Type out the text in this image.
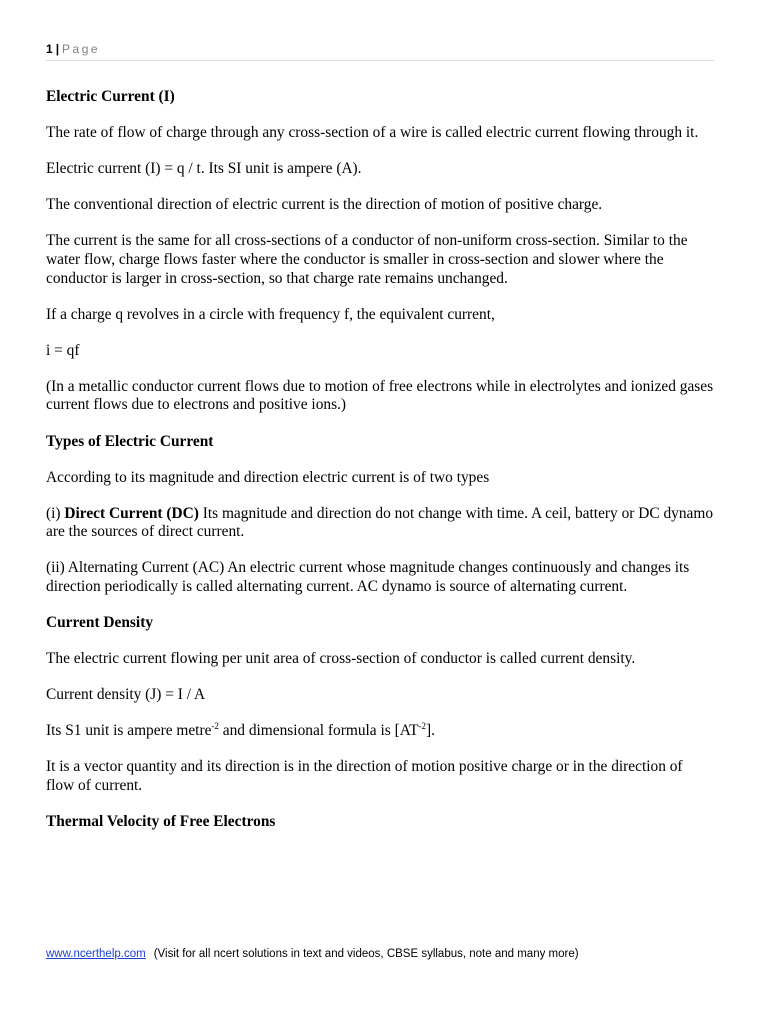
1 | Page
Electric Current (I)

The rate of flow of charge through any cross-section of a wire is called electric current flowing through it.

Electric current (I) = q / t. Its SI unit is ampere (A).

The conventional direction of electric current is the direction of motion of positive charge.

The current is the same for all cross-sections of a conductor of non-uniform cross-section. Similar to the water flow, charge flows faster where the conductor is smaller in cross-section and slower where the conductor is larger in cross-section, so that charge rate remains unchanged.

If a charge q revolves in a circle with frequency f, the equivalent current,

i = qf

(In a metallic conductor current flows due to motion of free electrons while in electrolytes and ionized gases current flows due to electrons and positive ions.)

Types of Electric Current

According to its magnitude and direction electric current is of two types

(i) Direct Current (DC) Its magnitude and direction do not change with time. A ceil, battery or DC dynamo are the sources of direct current.

(ii) Alternating Current (AC) An electric current whose magnitude changes continuously and changes its direction periodically is called alternating current. AC dynamo is source of alternating current.

Current Density

The electric current flowing per unit area of cross-section of conductor is called current density.

Current density (J) = I / A

Its S1 unit is ampere metre$^{-2}$ and dimensional formula is $[AT^{-2}]$.

It is a vector quantity and its direction is in the direction of motion positive charge or in the direction of flow of current.

Thermal Velocity of Free Electrons
www.ncerthelp.com (Visit for all ncert solutions in text and videos, CBSE syllabus, note and many more)
